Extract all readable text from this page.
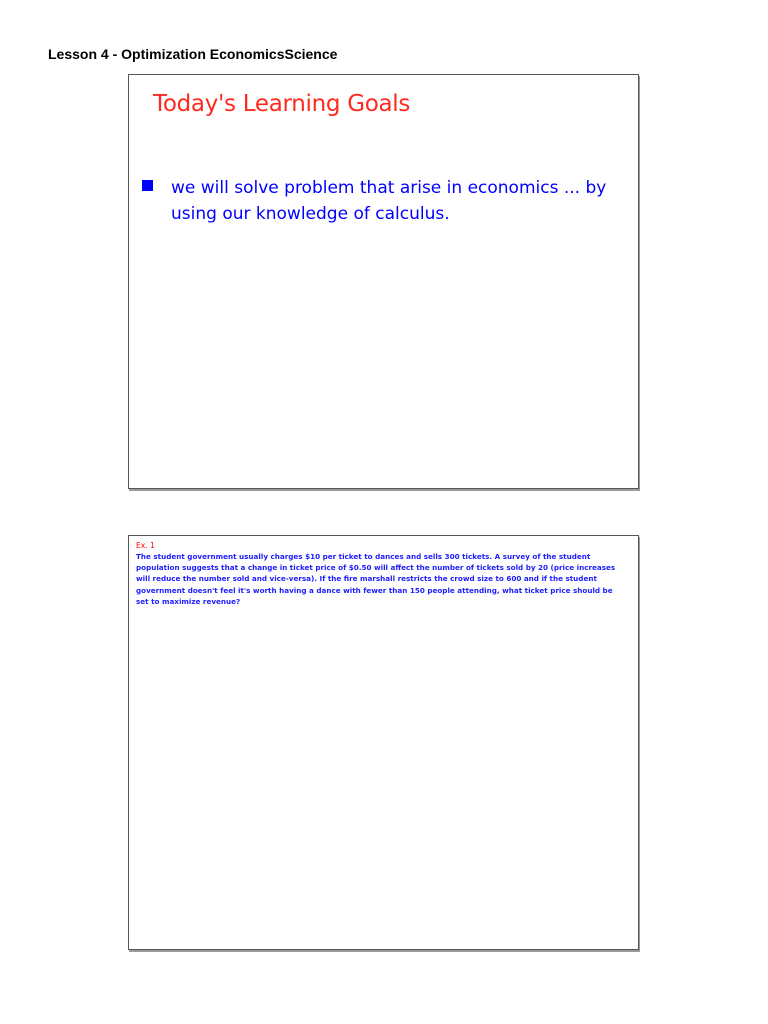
Lesson 4 - Optimization EconomicsScience
Today's Learning Goals
we will solve problem that arise in economics ... by using our knowledge of calculus.
Ex. 1
The student government usually charges $10 per ticket to dances and sells 300 tickets. A survey of the student population suggests that a change in ticket price of $0.50 will affect the number of tickets sold by 20 (price increases will reduce the number sold and vice-versa). If the fire marshall restricts the crowd size to 600 and if the student government doesn't feel it's worth having a dance with fewer than 150 people attending, what ticket price should be set to maximize revenue?
